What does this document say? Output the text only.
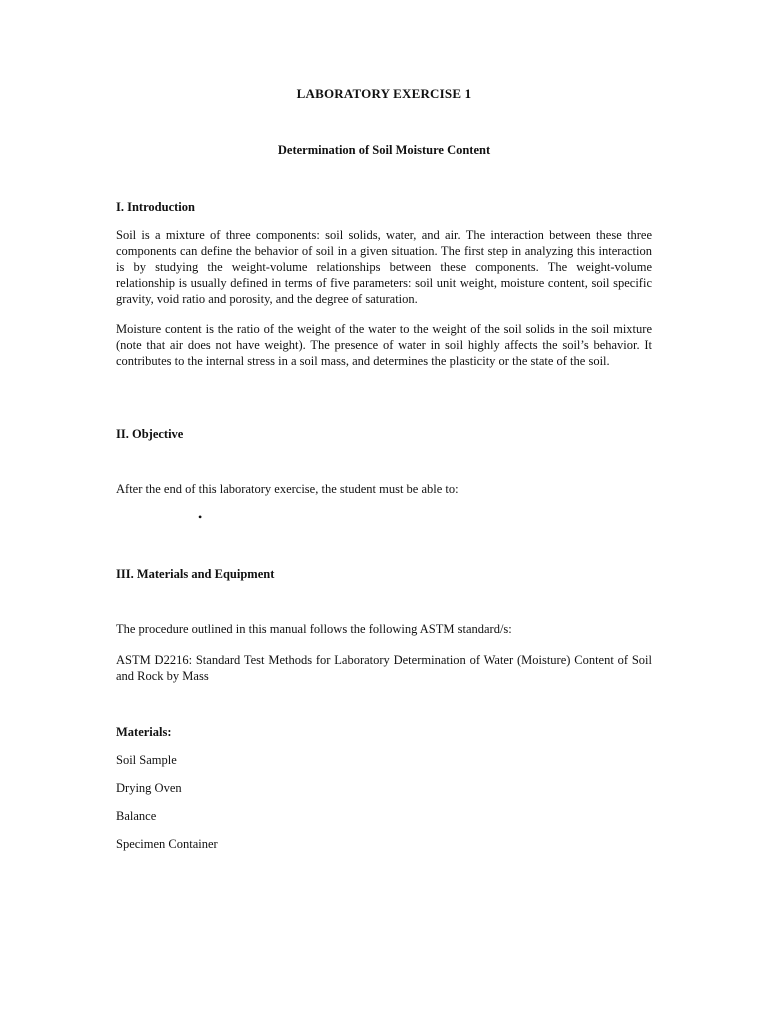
LABORATORY EXERCISE 1
Determination of Soil Moisture Content
I. Introduction

Soil is a mixture of three components: soil solids, water, and air. The interaction between these three components can define the behavior of soil in a given situation. The first step in analyzing this interaction is by studying the weight-volume relationships between these components. The weight-volume relationship is usually defined in terms of five parameters: soil unit weight, moisture content, soil specific gravity, void ratio and porosity, and the degree of saturation.

Moisture content is the ratio of the weight of the water to the weight of the soil solids in the soil mixture (note that air does not have weight). The presence of water in soil highly affects the soil’s behavior. It contributes to the internal stress in a soil mass, and determines the plasticity or the state of the soil.

II. Objective
After the end of this laboratory exercise, the student must be able to:
•
III. Materials and Equipment
The procedure outlined in this manual follows the following ASTM standard/s:

ASTM D2216: Standard Test Methods for Laboratory Determination of Water (Moisture) Content of Soil and Rock by Mass

Materials:
Soil Sample
Drying Oven
Balance
Specimen Container
